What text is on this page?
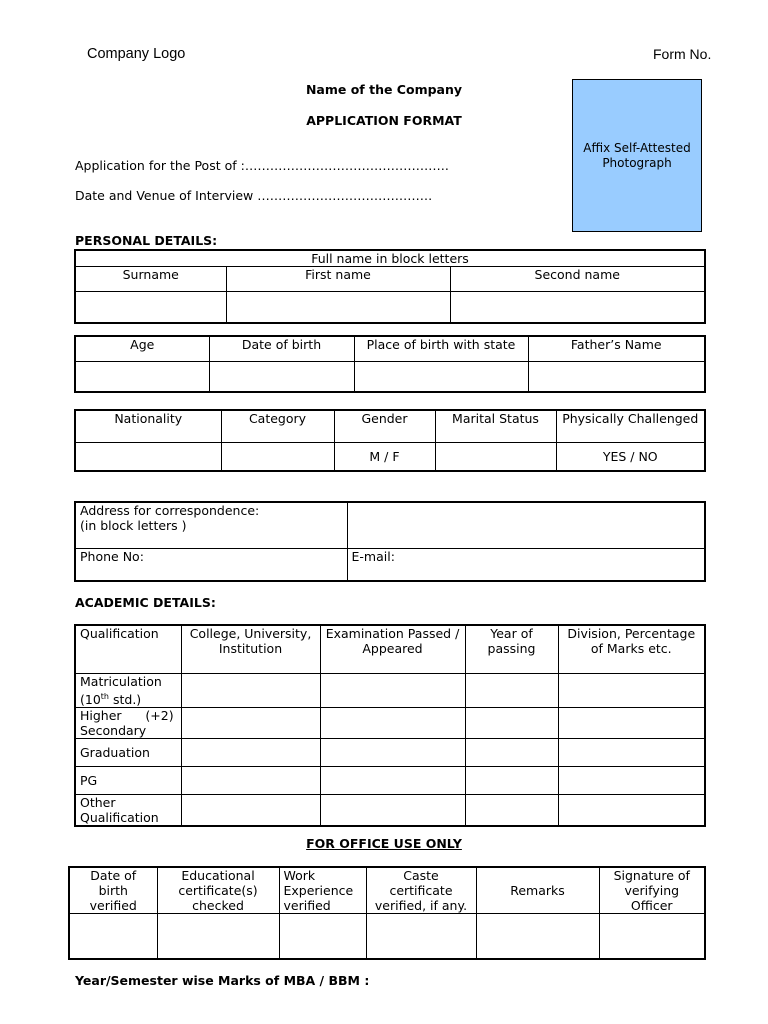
Company Logo	Form No.
Name of the Company
APPLICATION FORMAT
Affix Self-Attested Photograph
Application for the Post of :………………………………………….
Date and Venue of Interview ……………………………………
PERSONAL DETAILS:
Full name in block letters		
Surname	First name	Second name

Age	Date of birth	Place of birth with state	Father’s Name

Nationality	Category	Gender	Marital Status	Physically Challenged
		M / F		YES / NO
Address for correspondence:
(in block letters )	

Phone No:	E-mail:
ACADEMIC DETAILS:
Qualification	College, University, Institution	Examination Passed / Appeared	Year of passing	Division, Percentage of Marks etc.

Matriculation
(10th std.)				

Higher      (+2)
Secondary				

Graduation				
PG				

Other
Qualification				

FOR OFFICE USE ONLY
Date of birth verified	Educational certificate(s) checked	Work Experience verified	Caste certificate verified, if any.	Remarks	Signature of verifying Officer

Year/Semester wise Marks of MBA / BBM :
